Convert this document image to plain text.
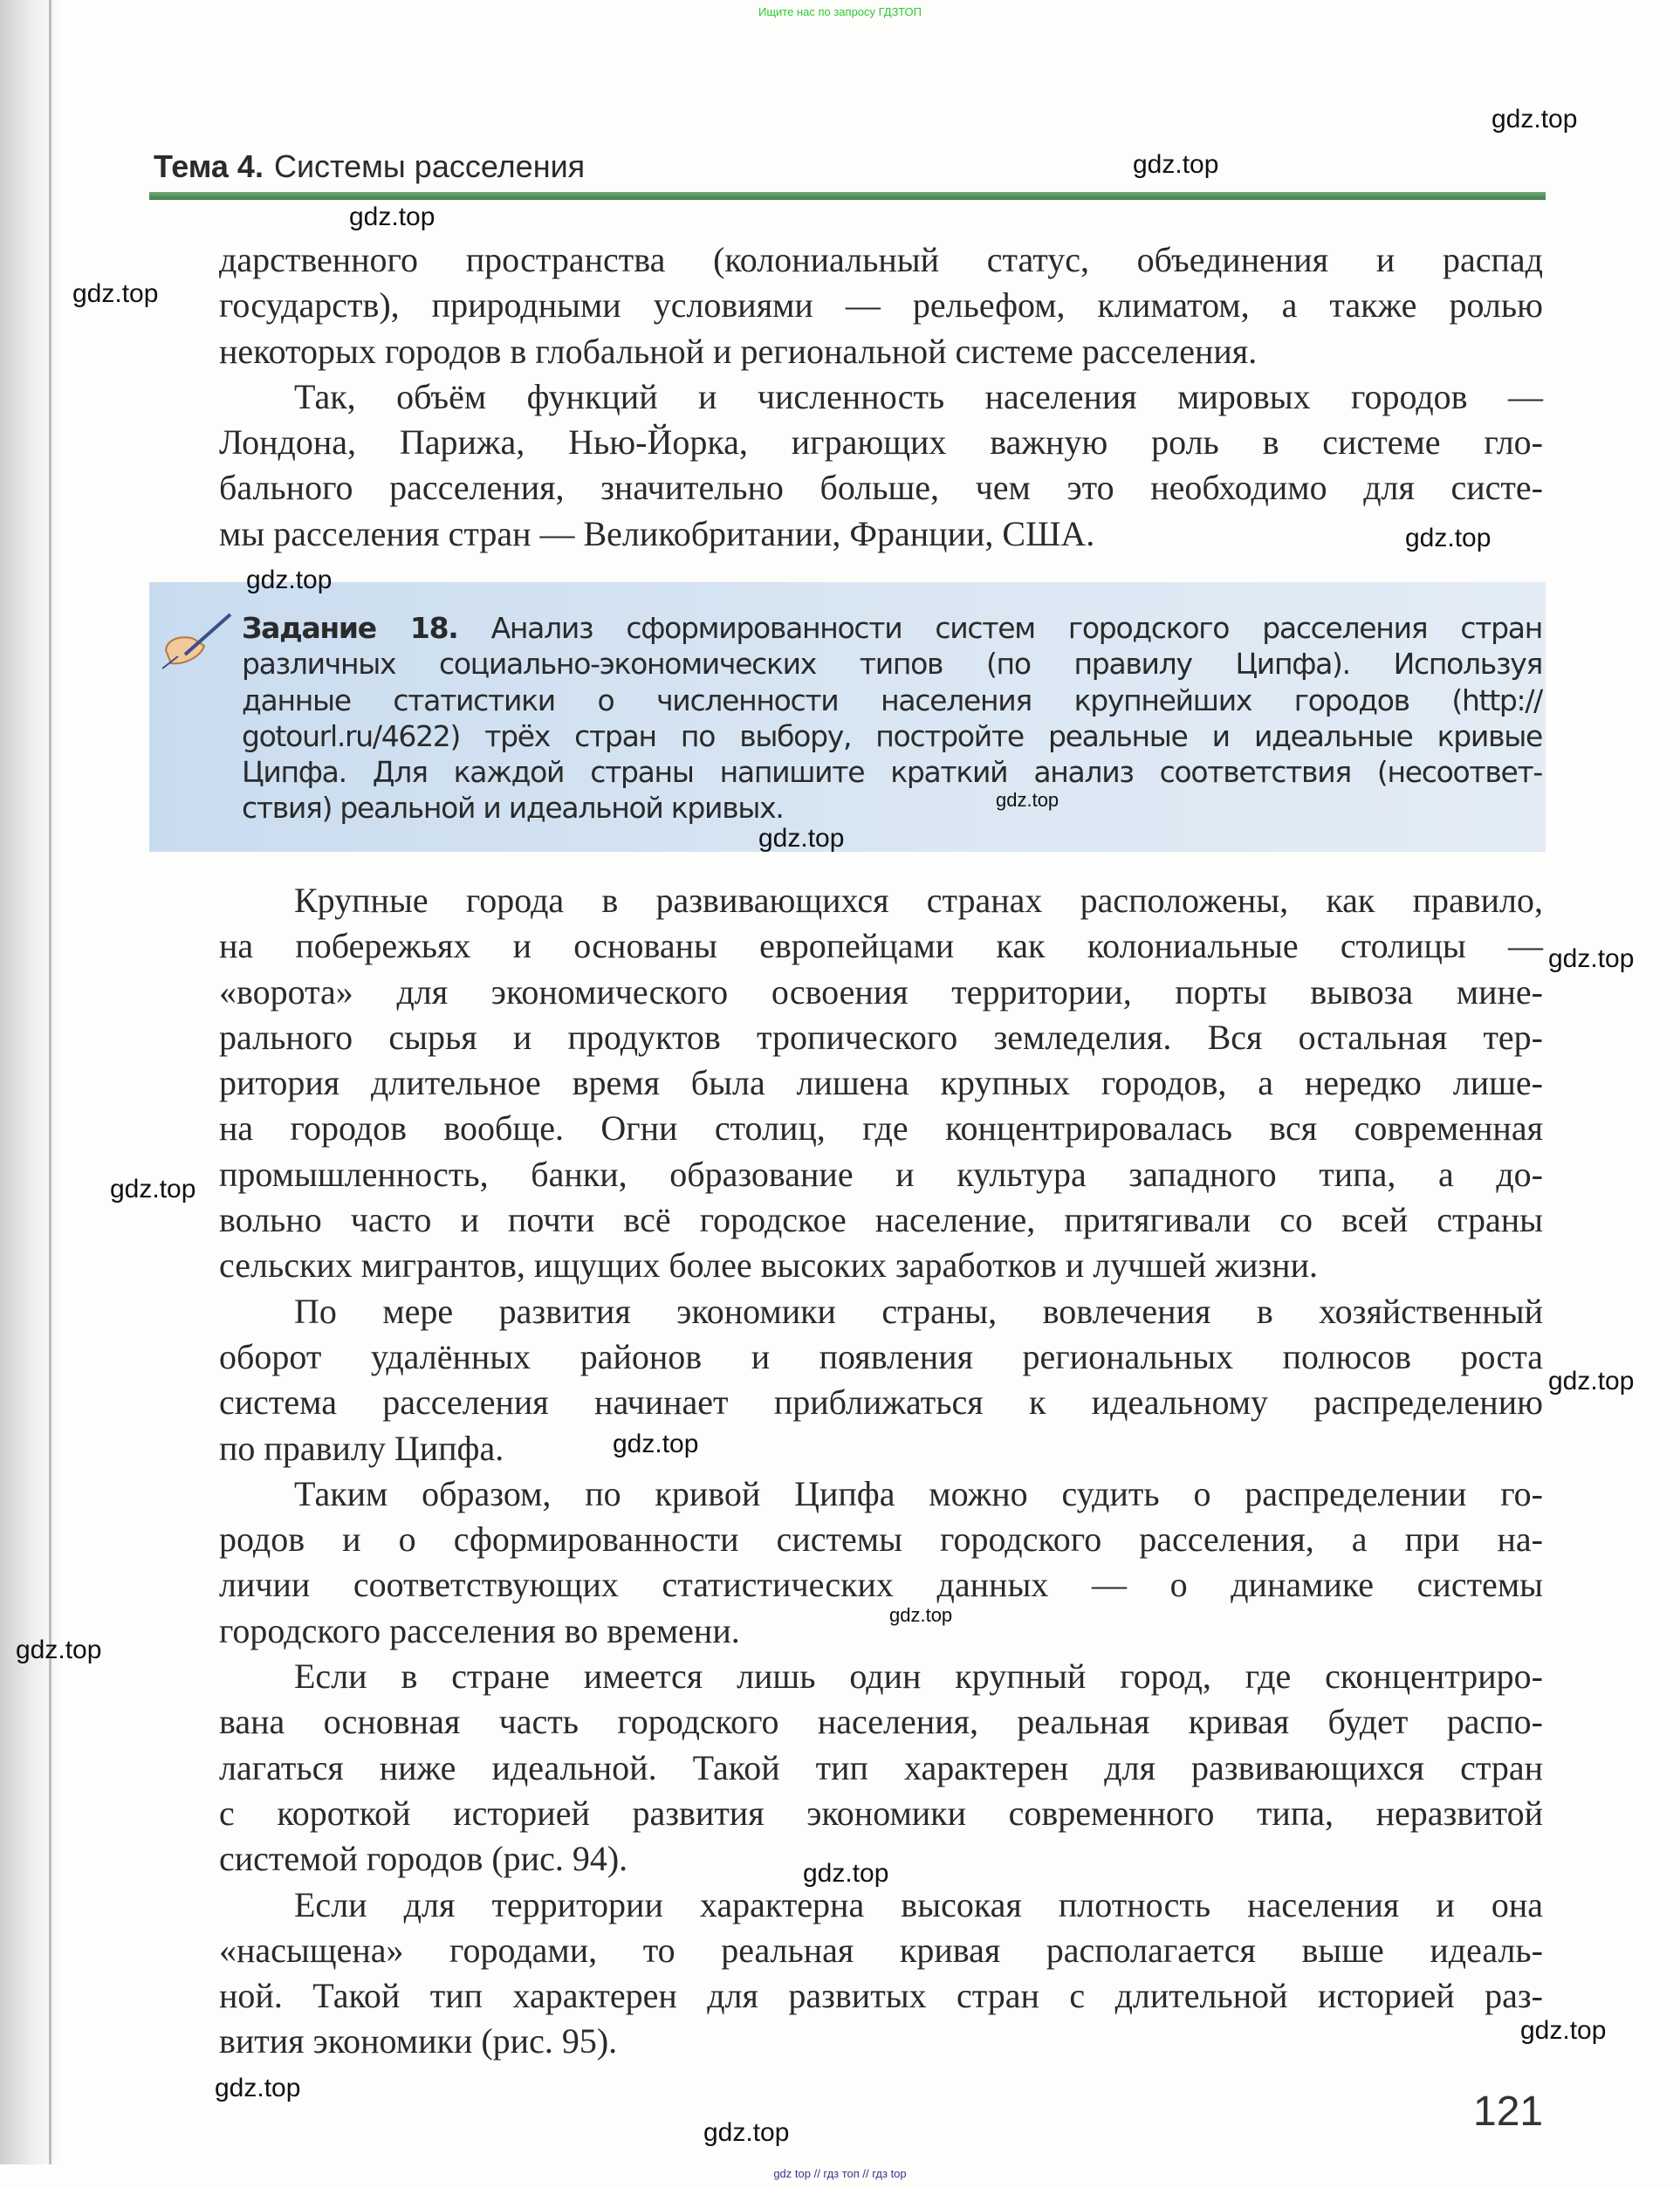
Ищите нас по запросу ГДЗТОП
Тема 4. Системы расселения
дарственного пространства (колониальный статус, объединения и распад
государств), природными условиями — рельефом, климатом, а также ролью
некоторых городов в глобальной и региональной системе расселения.
Так, объём функций и численность населения мировых городов —
Лондона, Парижа, Нью-Йорка, играющих важную роль в системе гло-
бального расселения, значительно больше, чем это необходимо для систе-
мы расселения стран — Великобритании, Франции, США.
Задание 18. Анализ сформированности систем городского расселения стран
различных социально-экономических типов (по правилу Ципфа). Используя
данные статистики о численности населения крупнейших городов (http://
gotourl.ru/4622) трёх стран по выбору, постройте реальные и идеальные кривые
Ципфа. Для каждой страны напишите краткий анализ соответствия (несоответ-
ствия) реальной и идеальной кривых.
Крупные города в развивающихся странах расположены, как правило,
на побережьях и основаны европейцами как колониальные столицы —
«ворота» для экономического освоения территории, порты вывоза мине-
рального сырья и продуктов тропического земледелия. Вся остальная тер-
ритория длительное время была лишена крупных городов, а нередко лише-
на городов вообще. Огни столиц, где концентрировалась вся современная
промышленность, банки, образование и культура западного типа, а до-
вольно часто и почти всё городское население, притягивали со всей страны
сельских мигрантов, ищущих более высоких заработков и лучшей жизни.
По мере развития экономики страны, вовлечения в хозяйственный
оборот удалённых районов и появления региональных полюсов роста
система расселения начинает приближаться к идеальному распределению
по правилу Ципфа.
Таким образом, по кривой Ципфа можно судить о распределении го-
родов и о сформированности системы городского расселения, а при на-
личии соответствующих статистических данных — о динамике системы
городского расселения во времени.
Если в стране имеется лишь один крупный город, где сконцентриро-
вана основная часть городского населения, реальная кривая будет распо-
лагаться ниже идеальной. Такой тип характерен для развивающихся стран
с короткой историей развития экономики современного типа, неразвитой
системой городов (рис. 94).
Если для территории характерна высокая плотность населения и она
«насыщена» городами, то реальная кривая располагается выше идеаль-
ной. Такой тип характерен для развитых стран с длительной историей раз-
вития экономики (рис. 95).
121
gdz.top
gdz.top
gdz.top
gdz.top
gdz.top
gdz.top
gdz.top
gdz.top
gdz.top
gdz.top
gdz.top
gdz.top
gdz.top
gdz.top
gdz.top
gdz.top
gdz.top
gdz.top
gdz top // гдз топ // гдз top
